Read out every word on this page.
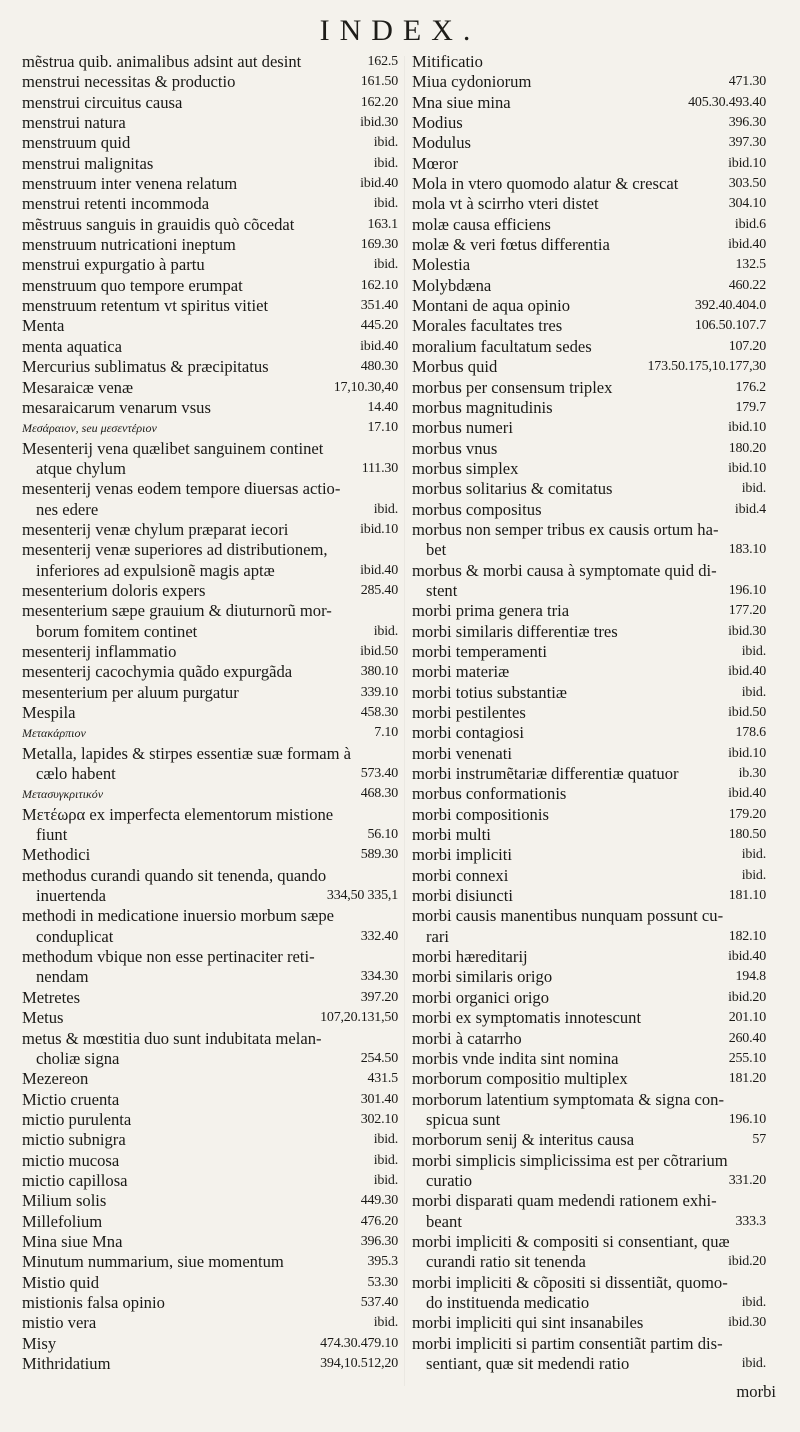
INDEX.
mẽstrua quib. animalibus adsint aut desint	162.5
menstrui necessitas & productio	161.50
menstrui circuitus causa	162.20
menstrui natura	ibid.30
menstruum quid	ibid.
menstrui malignitas	ibid.
menstruum inter venena relatum	ibid.40
menstrui retenti incommoda	ibid.
mẽstruus sanguis in grauidis quò cõcedat	163.1
menstruum nutricationi ineptum	169.30
menstrui expurgatio à partu	ibid.
menstruum quo tempore erumpat	162.10
menstruum retentum vt spiritus vitiet	351.40
Menta	445.20
menta aquatica	ibid.40
Mercurius sublimatus & præcipitatus	480.30
Mesaraicæ venæ	17,10.30,40
mesaraicarum venarum vsus	14.40
Μεσάραιον, seu μεσεντέριον	17.10
Mesenterij vena quælibet sanguinem continet
atque chylum	111.30
mesenterij venas eodem tempore diuersas actio-
nes edere	ibid.
mesenterij venæ chylum præparat iecori	ibid.10
mesenterij venæ superiores ad distributionem,
inferiores ad expulsionẽ magis aptæ	ibid.40
mesenterium doloris expers	285.40
mesenterium sæpe grauium & diuturnorũ mor-
borum fomitem continet	ibid.
mesenterij inflammatio	ibid.50
mesenterij cacochymia quãdo expurgãda	380.10
mesenterium per aluum purgatur	339.10
Mespila	458.30
Μετακάρπιον	7.10
Metalla, lapides & stirpes essentiæ suæ formam à
cælo habent	573.40
Μετασυγκριτικόν	468.30
Μετέωρα ex imperfecta elementorum mistione
fiunt	56.10
Methodici	589.30
methodus curandi quando sit tenenda, quando
inuertenda	334,50 335,1
methodi in medicatione inuersio morbum sæpe
conduplicat	332.40
methodum vbique non esse pertinaciter reti-
nendam	334.30
Metretes	397.20
Metus	107,20.131,50
metus & mœstitia duo sunt indubitata melan-
choliæ signa	254.50
Mezereon	431.5
Mictio cruenta	301.40
mictio purulenta	302.10
mictio subnigra	ibid.
mictio mucosa	ibid.
mictio capillosa	ibid.
Milium solis	449.30
Millefolium	476.20
Mina siue Mna	396.30
Minutum nummarium, siue momentum	395.3
Mistio quid	53.30
mistionis falsa opinio	537.40
mistio vera	ibid.
Misy	474.30.479.10
Mithridatium	394,10.512,20
Mitificatio
Miua cydoniorum	471.30
Mna siue mina	405.30.493.40
Modius	396.30
Modulus	397.30
Mœror	ibid.10
Mola in vtero quomodo alatur & crescat	303.50
mola vt à scirrho vteri distet	304.10
molæ causa efficiens	ibid.6
molæ & veri fœtus differentia	ibid.40
Molestia	132.5
Molybdæna	460.22
Montani de aqua opinio	392.40.404.0
Morales facultates tres	106.50.107.7
moralium facultatum sedes	107.20
Morbus quid	173.50.175,10.177,30
morbus per consensum triplex	176.2
morbus magnitudinis	179.7
morbus numeri	ibid.10
morbus vnus	180.20
morbus simplex	ibid.10
morbus solitarius & comitatus	ibid.
morbus compositus	ibid.4
morbus non semper tribus ex causis ortum ha-
bet	183.10
morbus & morbi causa à symptomate quid di-
stent	196.10
morbi prima genera tria	177.20
morbi similaris differentiæ tres	ibid.30
morbi temperamenti	ibid.
morbi materiæ	ibid.40
morbi totius substantiæ	ibid.
morbi pestilentes	ibid.50
morbi contagiosi	178.6
morbi venenati	ibid.10
morbi instrumẽtariæ differentiæ quatuor	ib.30
morbus conformationis	ibid.40
morbi compositionis	179.20
morbi multi	180.50
morbi impliciti	ibid.
morbi connexi	ibid.
morbi disiuncti	181.10
morbi causis manentibus nunquam possunt cu-
rari	182.10
morbi hæreditarij	ibid.40
morbi similaris origo	194.8
morbi organici origo	ibid.20
morbi ex symptomatis innotescunt	201.10
morbi à catarrho	260.40
morbis vnde indita sint nomina	255.10
morborum compositio multiplex	181.20
morborum latentium symptomata & signa con-
spicua sunt	196.10
morborum senij & interitus causa	57
morbi simplicis simplicissima est per cõtrarium
curatio	331.20
morbi disparati quam medendi rationem exhi-
beant	333.3
morbi impliciti & compositi si consentiant, quæ
curandi ratio sit tenenda	ibid.20
morbi impliciti & cõpositi si dissentiãt, quomo-
do instituenda medicatio	ibid.
morbi impliciti qui sint insanabiles	ibid.30
morbi impliciti si partim consentiãt partim dis-
sentiant, quæ sit medendi ratio	ibid.
morbi
